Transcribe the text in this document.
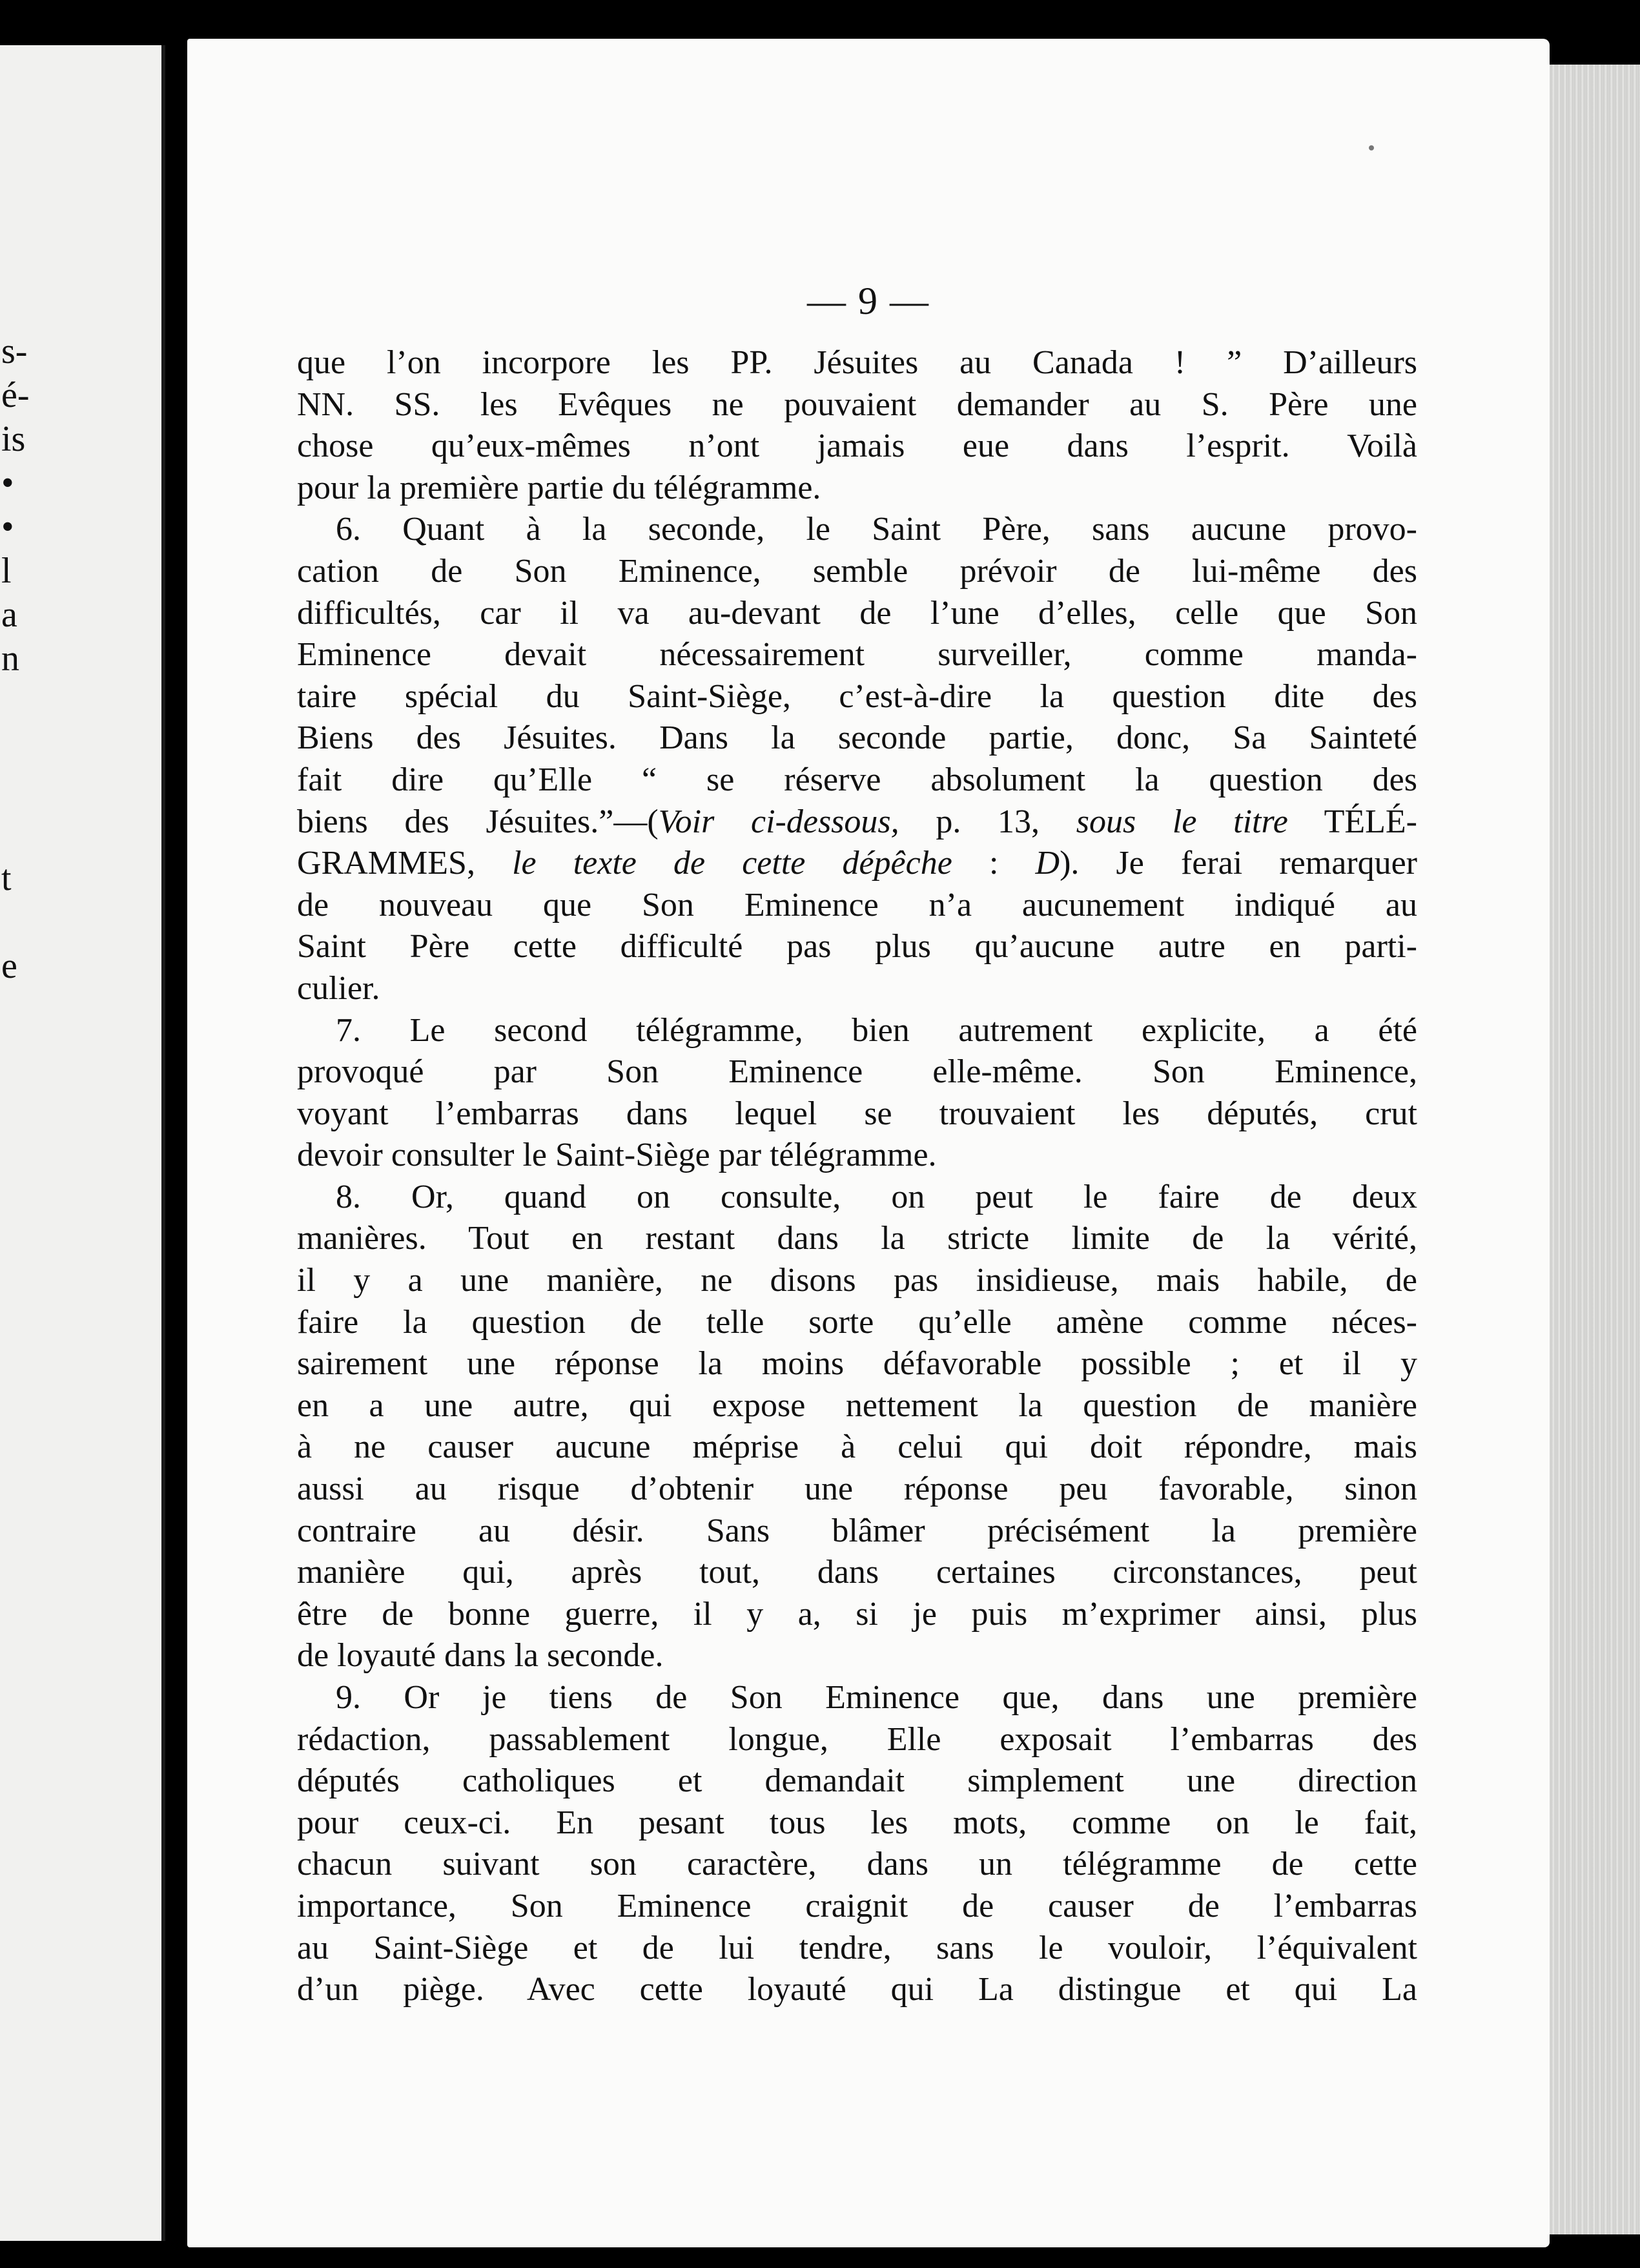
s-
é-
is
•
•
l
a
n
t
e
— 9 —
que l’on incorpore les PP. Jésuites au Canada ! ” D’ailleurs
NN. SS. les Evêques ne pouvaient demander au S. Père une
chose qu’eux-mêmes n’ont jamais eue dans l’esprit. Voilà
pour la première partie du télégramme.
6. Quant à la seconde, le Saint Père, sans aucune provo-
cation de Son Eminence, semble prévoir de lui-même des
difficultés, car il va au-devant de l’une d’elles, celle que Son
Eminence devait nécessairement surveiller, comme manda-
taire spécial du Saint-Siège, c’est-à-dire la question dite des
Biens des Jésuites. Dans la seconde partie, donc, Sa Sainteté
fait dire qu’Elle “ se réserve absolument la question des
biens des Jésuites.”—(Voir ci-dessous, p. 13, sous le titre TÉLÉ-
GRAMMES, le texte de cette dépêche : D). Je ferai remarquer
de nouveau que Son Eminence n’a aucunement indiqué au
Saint Père cette difficulté pas plus qu’aucune autre en parti-
culier.
7. Le second télégramme, bien autrement explicite, a été
provoqué par Son Eminence elle-même. Son Eminence,
voyant l’embarras dans lequel se trouvaient les députés, crut
devoir consulter le Saint-Siège par télégramme.
8. Or, quand on consulte, on peut le faire de deux
manières. Tout en restant dans la stricte limite de la vérité,
il y a une manière, ne disons pas insidieuse, mais habile, de
faire la question de telle sorte qu’elle amène comme néces-
sairement une réponse la moins défavorable possible ; et il y
en a une autre, qui expose nettement la question de manière
à ne causer aucune méprise à celui qui doit répondre, mais
aussi au risque d’obtenir une réponse peu favorable, sinon
contraire au désir. Sans blâmer précisément la première
manière qui, après tout, dans certaines circonstances, peut
être de bonne guerre, il y a, si je puis m’exprimer ainsi, plus
de loyauté dans la seconde.
9. Or je tiens de Son Eminence que, dans une première
rédaction, passablement longue, Elle exposait l’embarras des
députés catholiques et demandait simplement une direction
pour ceux-ci. En pesant tous les mots, comme on le fait,
chacun suivant son caractère, dans un télégramme de cette
importance, Son Eminence craignit de causer de l’embarras
au Saint-Siège et de lui tendre, sans le vouloir, l’équivalent
d’un piège. Avec cette loyauté qui La distingue et qui La
